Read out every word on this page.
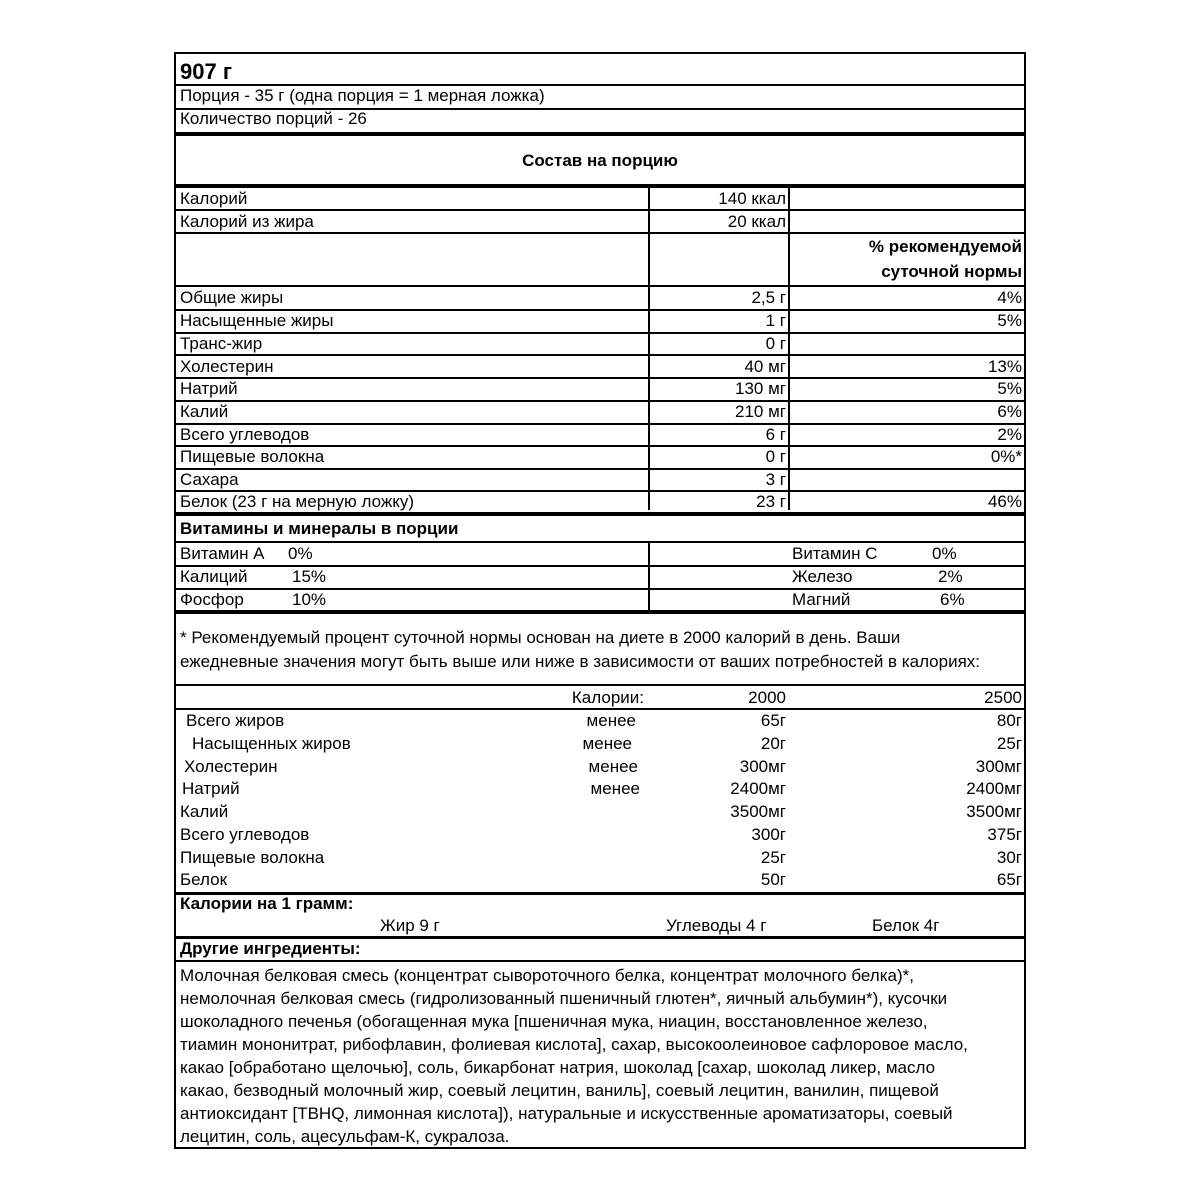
907 г
Порция - 35 г (одна порция = 1 мерная ложка)
Количество порций - 26
Состав на порцию
Калорий	140 ккал
Калорий из жира	20 ккал
% рекомендуемой
суточной нормы
Общие жиры	2,5 г	4%
Насыщенные жиры	1 г	5%
Транс-жир	0 г
Холестерин	40 мг	13%
Натрий	130 мг	5%
Калий	210 мг	6%
Всего углеводов	6 г	2%
Пищевые волокна	0 г	0%*
Сахара	3 г
Белок (23 г на мерную ложку)	23 г	46%
Витамины и минералы в порции
Витамин А 0%	Витамин С	0%
Калиций	15%	Железо	2%
Фосфор	10%	Магний	6%
* Рекомендуемый процент суточной нормы основан на диете в 2000 калорий в день. Ваши
ежедневные значения могут быть выше или ниже в зависимости от ваших потребностей в калориях:
Калории:	2000	2500
Всего жиров	менее	65г	80г
Насыщенных жиров	менее	20г	25г
Холестерин	менее	300мг	300мг
Натрий	менее	2400мг	2400мг
Калий	3500мг	3500мг
Всего углеводов	300г	375г
Пищевые волокна	25г	30г
Белок	50г	65г
Калории на 1 грамм:
Жир 9 г	Углеводы 4 г	Белок 4г
Другие ингредиенты:
Молочная белковая смесь (концентрат сывороточного белка, концентрат молочного белка)*,
немолочная белковая смесь (гидролизованный пшеничный глютен*, яичный альбумин*), кусочки
шоколадного печенья (обогащенная мука [пшеничная мука, ниацин, восстановленное железо,
тиамин мононитрат, рибофлавин, фолиевая кислота], сахар, высокоолеиновое сафлоровое масло,
какао [обработано щелочью], соль, бикарбонат натрия, шоколад [сахар, шоколад ликер, масло
какао, безводный молочный жир, соевый лецитин, ваниль], соевый лецитин, ванилин, пищевой
антиоксидант [TBHQ, лимонная кислота]), натуральные и искусственные ароматизаторы, соевый
лецитин, соль, ацесульфам-К, сукралоза.
